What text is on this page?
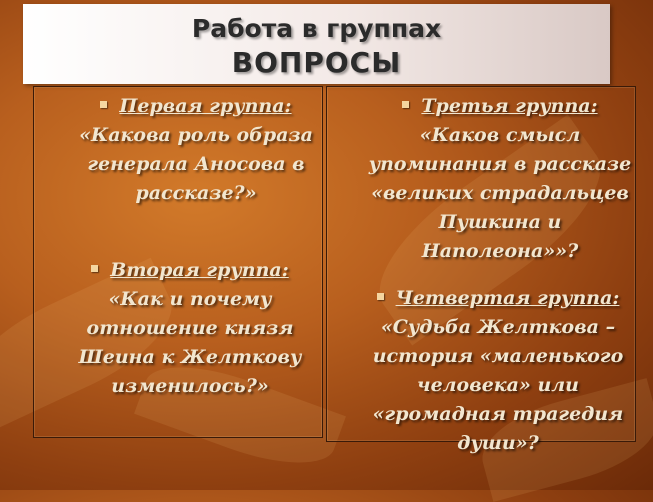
Работа в группах
ВОПРОСЫ
Первая группа:
«Какова роль образа
генерала Аносова в
рассказе?»
Вторая группа:
«Как и почему
отношение князя
Шеина к Желткову
изменилось?»
Третья группа:
«Каков смысл
упоминания в рассказе
«великих страдальцев
Пушкина и
Наполеона»»?
Четвертая группа:
«Судьба Желткова –
история «маленького
человека» или
«громадная трагедия
души»?
